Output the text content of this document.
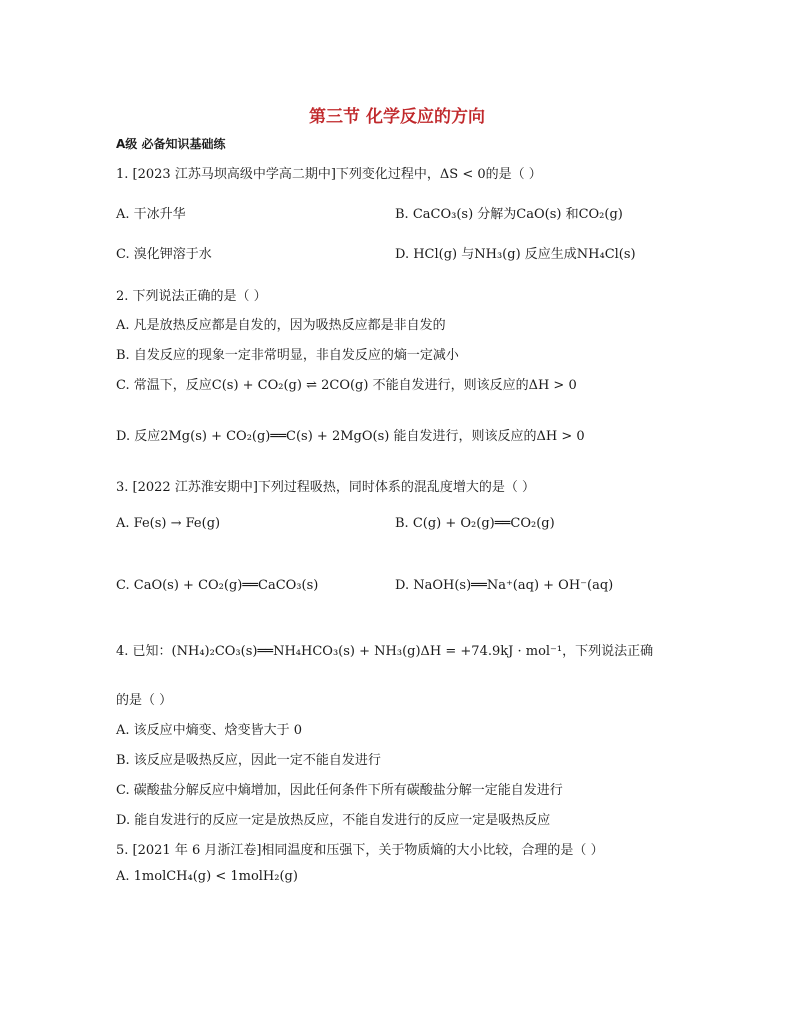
第三节 化学反应的方向
A级 必备知识基础练
1. [2023 江苏马坝高级中学高二期中]下列变化过程中，ΔS < 0的是（ ）
A. 干冰升华	B. CaCO₃(s) 分解为CaO(s) 和CO₂(g)
C. 溴化钾溶于水	D. HCl(g) 与NH₃(g) 反应生成NH₄Cl(s)
2. 下列说法正确的是（ ）
A. 凡是放热反应都是自发的，因为吸热反应都是非自发的
B. 自发反应的现象一定非常明显，非自发反应的熵一定减小
C. 常温下，反应C(s) + CO₂(g) ⇌ 2CO(g) 不能自发进行，则该反应的ΔH > 0
D. 反应2Mg(s) + CO₂(g)══C(s) + 2MgO(s) 能自发进行，则该反应的ΔH > 0
3. [2022 江苏淮安期中]下列过程吸热，同时体系的混乱度增大的是（ ）
A. Fe(s) → Fe(g)	B. C(g) + O₂(g)══CO₂(g)
C. CaO(s) + CO₂(g)══CaCO₃(s)	D. NaOH(s)══Na⁺(aq) + OH⁻(aq)
4. 已知：(NH₄)₂CO₃(s)══NH₄HCO₃(s) + NH₃(g)ΔH = +74.9kJ · mol⁻¹，下列说法正确
的是（ ）
A. 该反应中熵变、焓变皆大于 0
B. 该反应是吸热反应，因此一定不能自发进行
C. 碳酸盐分解反应中熵增加，因此任何条件下所有碳酸盐分解一定能自发进行
D. 能自发进行的反应一定是放热反应，不能自发进行的反应一定是吸热反应
5. [2021 年 6 月浙江卷]相同温度和压强下，关于物质熵的大小比较，合理的是（ ）
A. 1molCH₄(g) < 1molH₂(g)
